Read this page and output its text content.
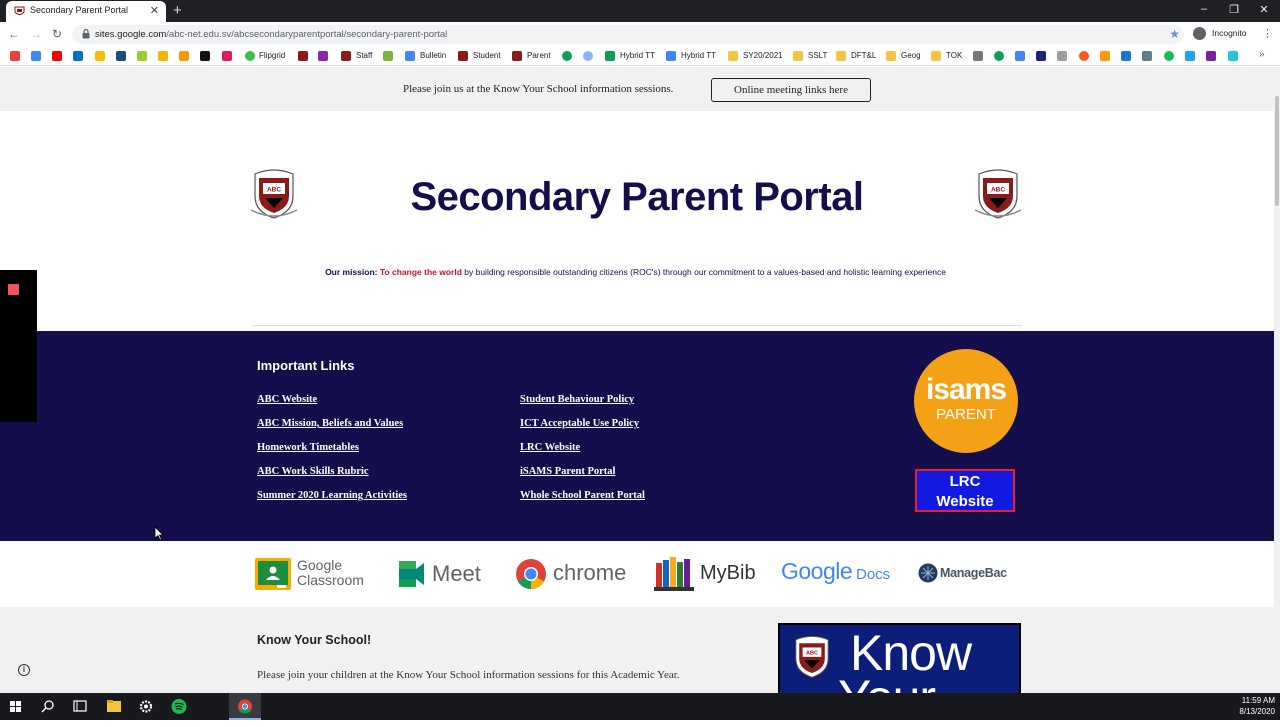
Secondary Parent Portal ✕ +	–	❐	✕
← → ↻	sites.google.com/abc-net.edu.sv/abcsecondaryparentportal/secondary-parent-portal	★	Incognito ⋮
Flipgrid	Staff	Bulletin	Student	Parent	Hybrid TT	Hybrid TT	SY20/2021	SSLT	DFT&L	Geog	TOK	»
Please join us at the Know Your School information sessions.	Online meeting links here
ABC	ABC
Secondary Parent Portal
Our mission: To change the world by building responsible outstanding citizens (ROC's) through our commitment to a values-based and holistic learning experience
Important Links
ABC Website
ABC Mission, Beliefs and Values
Homework Timetables
ABC Work Skills Rubric
Summer 2020 Learning Activities
Student Behaviour Policy
ICT Acceptable Use Policy
LRC Website
iSAMS Parent Portal
Whole School Parent Portal
isams
PARENT
LRC
Website
Google
Classroom	Meet	chrome	MyBib Google Docs	ManageBac
Know Your School!
Please join your children at the Know Your School information sessions for this Academic Year.
ABC Know
i
11:59 AM
8/13/2020
